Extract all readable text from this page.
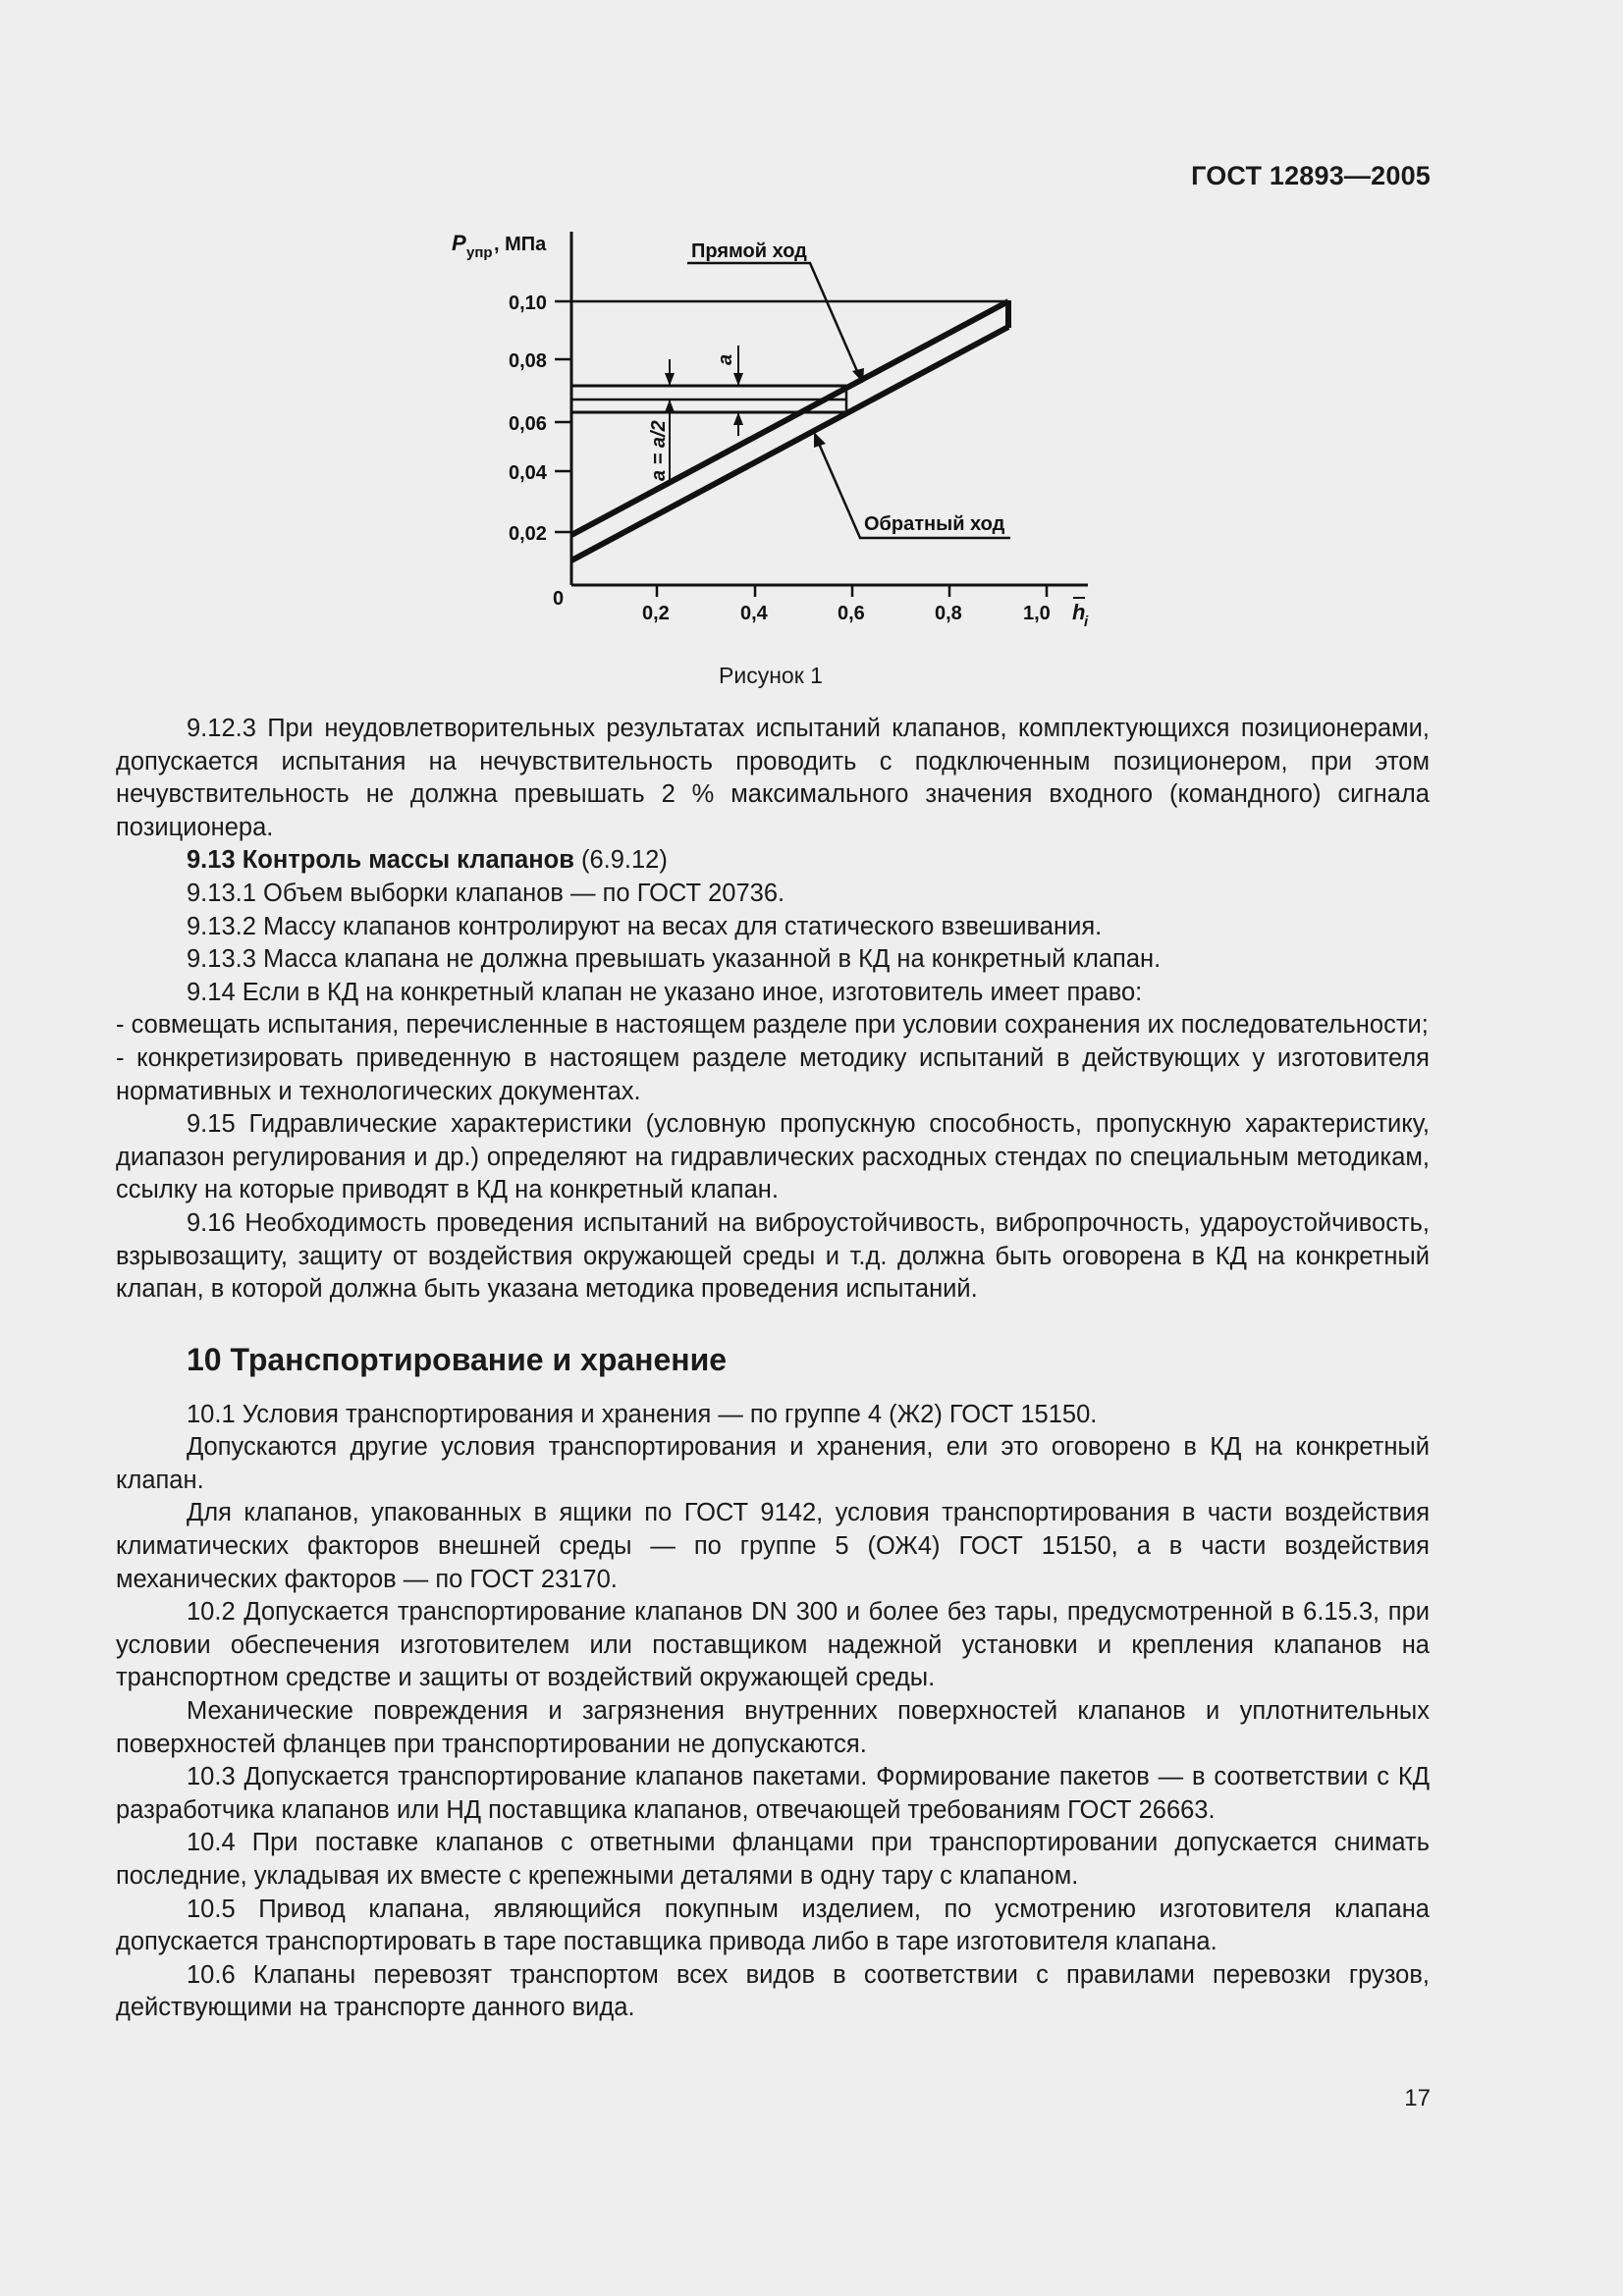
ГОСТ 12893—2005
P упр , МПа
0,10
0,08
0,06
0,04
0,02
0
0,2	0,4	0,6	0,8	1,0 h
i
Прямой ход
Обратный ход
a
a = a/2
Рисунок 1

9.12.3 При неудовлетворительных результатах испытаний клапанов, комплектующихся позиционерами, допускается испытания на нечувствительность проводить с подключенным позиционером, при этом нечувствительность не должна превышать 2 % максимального значения входного (командного) сигнала позиционера.

9.13 Контроль массы клапанов (6.9.12)

9.13.1 Объем выборки клапанов — по ГОСТ 20736.

9.13.2 Массу клапанов контролируют на весах для статического взвешивания.

9.13.3 Масса клапана не должна превышать указанной в КД на конкретный клапан.

9.14 Если в КД на конкретный клапан не указано иное, изготовитель имеет право:

- совмещать испытания, перечисленные в настоящем разделе при условии сохранения их последовательности;

- конкретизировать приведенную в настоящем разделе методику испытаний в действующих у изготовителя нормативных и технологических документах.

9.15 Гидравлические характеристики (условную пропускную способность, пропускную характеристику, диапазон регулирования и др.) определяют на гидравлических расходных стендах по специальным методикам, ссылку на которые приводят в КД на конкретный клапан.

9.16 Необходимость проведения испытаний на виброустойчивость, вибропрочность, удароустойчивость, взрывозащиту, защиту от воздействия окружающей среды и т.д. должна быть оговорена в КД на конкретный клапан, в которой должна быть указана методика проведения испытаний.

10 Транспортирование и хранение

10.1 Условия транспортирования и хранения — по группе 4 (Ж2) ГОСТ 15150.

Допускаются другие условия транспортирования и хранения, ели это оговорено в КД на конкретный клапан.

Для клапанов, упакованных в ящики по ГОСТ 9142, условия транспортирования в части воздействия климатических факторов внешней среды — по группе 5 (ОЖ4) ГОСТ 15150, а в части воздействия механических факторов — по ГОСТ 23170.

10.2 Допускается транспортирование клапанов DN 300 и более без тары, предусмотренной в 6.15.3, при условии обеспечения изготовителем или поставщиком надежной установки и крепления клапанов на транспортном средстве и защиты от воздействий окружающей среды.

Механические повреждения и загрязнения внутренних поверхностей клапанов и уплотнительных поверхностей фланцев при транспортировании не допускаются.

10.3 Допускается транспортирование клапанов пакетами. Формирование пакетов — в соответствии с КД разработчика клапанов или НД поставщика клапанов, отвечающей требованиям ГОСТ 26663.

10.4 При поставке клапанов с ответными фланцами при транспортировании допускается снимать последние, укладывая их вместе с крепежными деталями в одну тару с клапаном.

10.5 Привод клапана, являющийся покупным изделием, по усмотрению изготовителя клапана допускается транспортировать в таре поставщика привода либо в таре изготовителя клапана.

10.6 Клапаны перевозят транспортом всех видов в соответствии с правилами перевозки грузов, действующими на транспорте данного вида.

17
